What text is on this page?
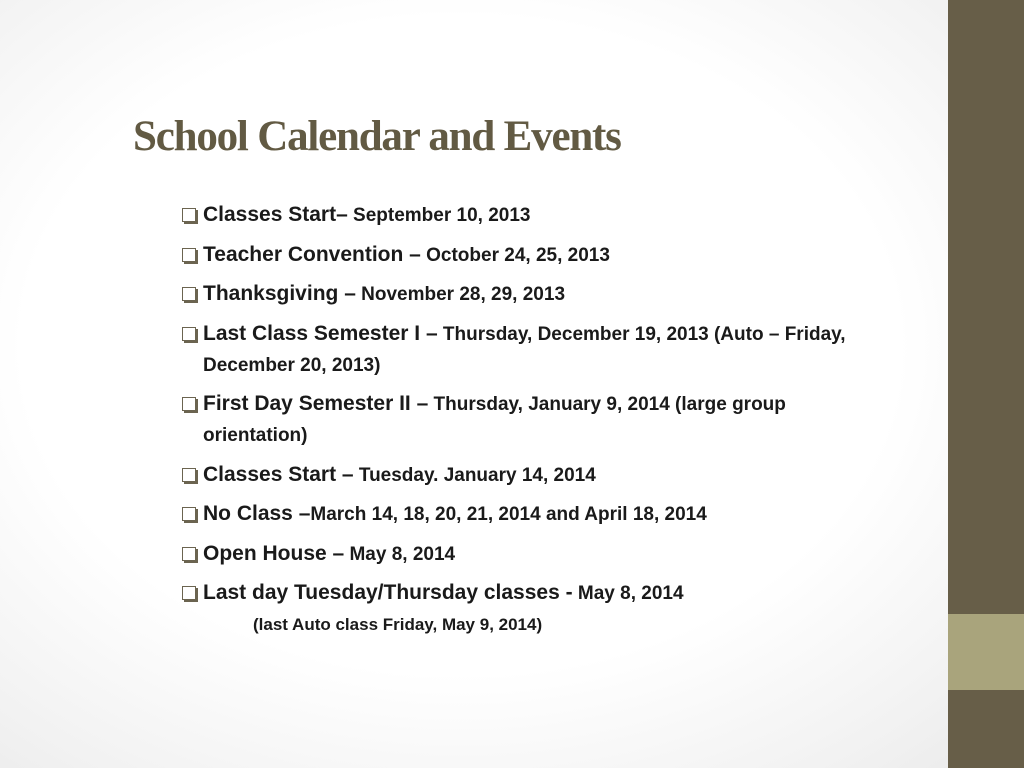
School Calendar and Events
Classes Start– September 10, 2013
Teacher Convention – October 24, 25, 2013
Thanksgiving – November 28, 29, 2013
Last Class Semester I – Thursday, December 19, 2013 (Auto – Friday, December 20, 2013)
First Day Semester II – Thursday, January 9, 2014 (large group orientation)
Classes Start – Tuesday. January 14, 2014
No Class –March 14, 18, 20, 21, 2014 and April 18, 2014
Open House – May 8, 2014
Last day Tuesday/Thursday classes - May 8, 2014(last Auto class Friday, May 9, 2014)
